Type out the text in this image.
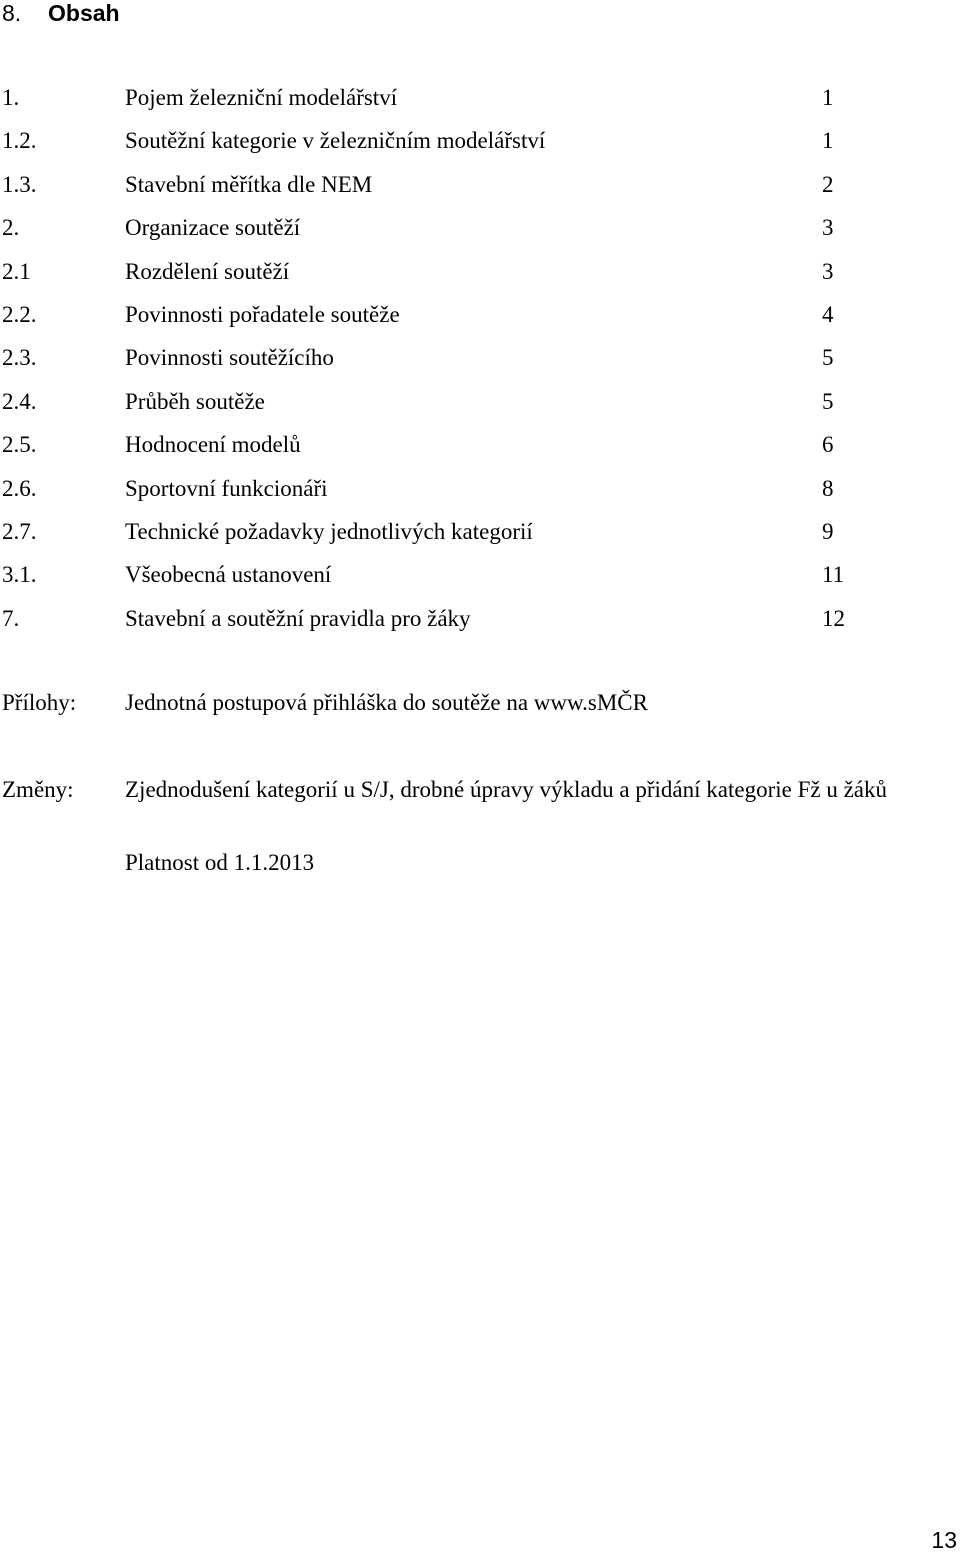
8. Obsah
1.	Pojem železniční modelářství	1
1.2.	Soutěžní kategorie v železničním modelářství	1
1.3.	Stavební měřítka dle NEM	2
2.	Organizace soutěží	3
2.1	Rozdělení soutěží	3
2.2.	Povinnosti pořadatele soutěže	4
2.3.	Povinnosti soutěžícího	5
2.4.	Průběh soutěže	5
2.5.	Hodnocení modelů	6
2.6.	Sportovní funkcionáři	8
2.7.	Technické požadavky jednotlivých kategorií	9
3.1.	Všeobecná ustanovení	11
7.	Stavební a soutěžní pravidla pro žáky	12
Přílohy: Jednotná postupová přihláška do soutěže na www.sMČR

Změny: Zjednodušení kategorií u S/J, drobné úpravy výkladu a přidání kategorie Fž u žáků

Platnost od 1.1.2013
13
